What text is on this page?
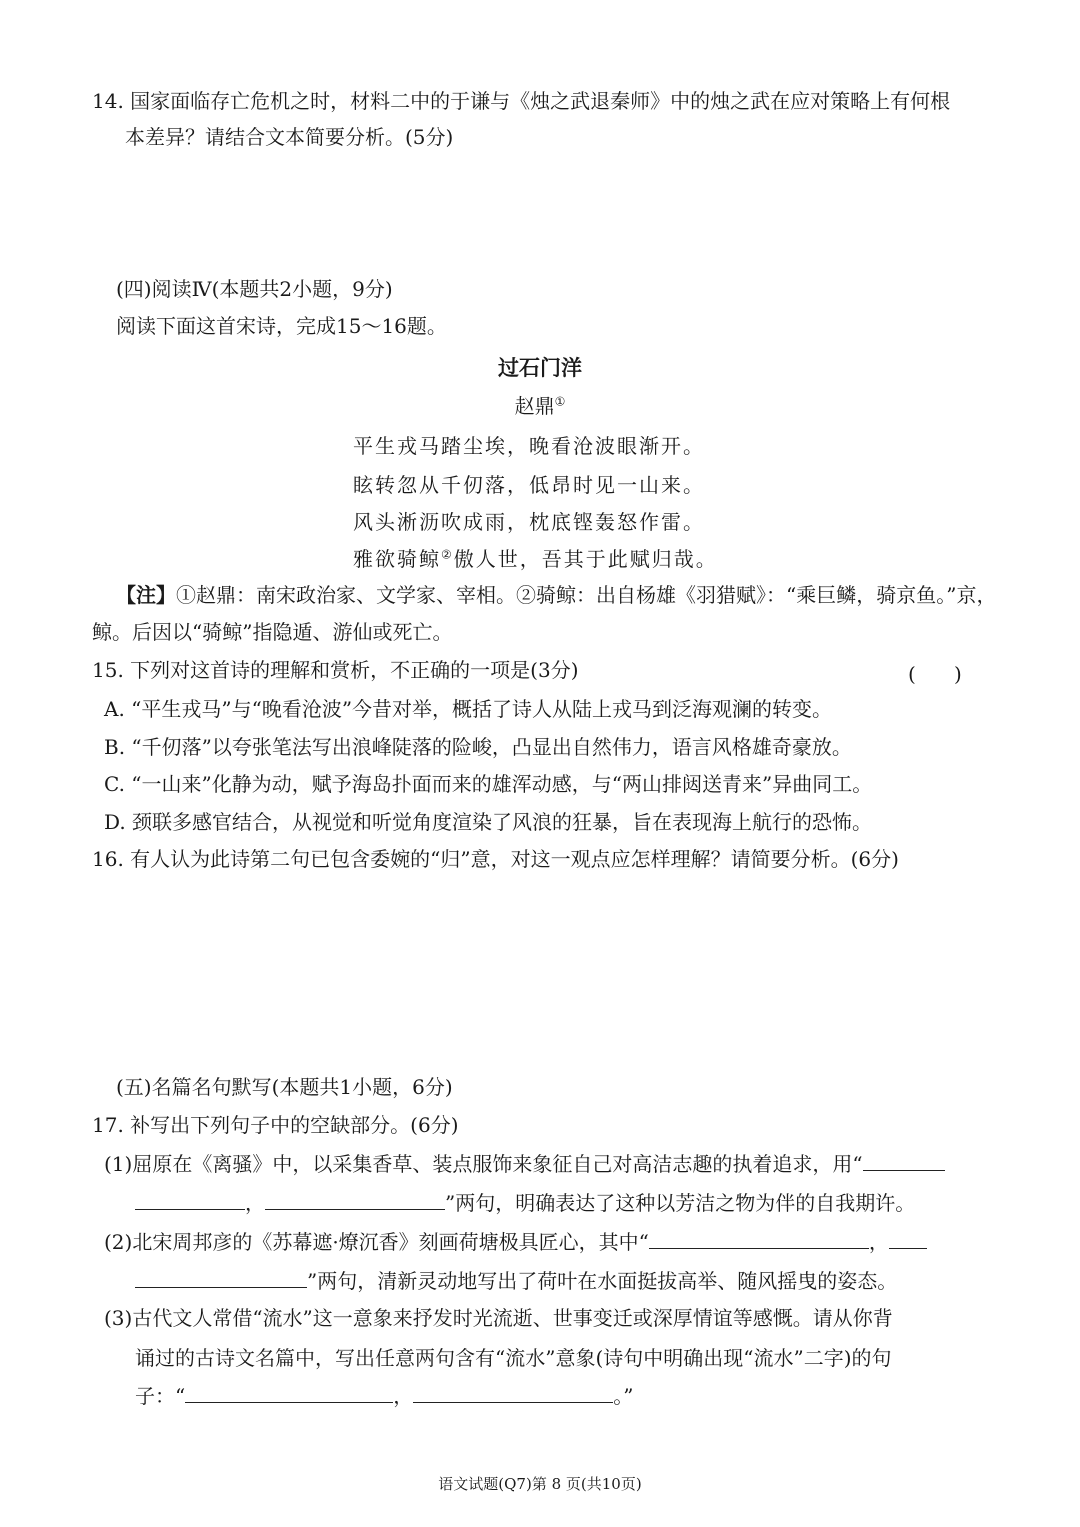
14. 国家面临存亡危机之时，材料二中的于谦与《烛之武退秦师》中的烛之武在应对策略上有何根
本差异？请结合文本简要分析。(5分)
(四)阅读Ⅳ(本题共2小题，9分)
阅读下面这首宋诗，完成15～16题。
过石门洋
赵鼎①
平生戎马踏尘埃，晚看沧波眼渐开。
眩转忽从千仞落，低昂时见一山来。
风头淅沥吹成雨，枕底铿轰怒作雷。
雅欲骑鲸②傲人世，吾其于此赋归哉。
【注】①赵鼎：南宋政治家、文学家、宰相。②骑鲸：出自杨雄《羽猎赋》：“乘巨鳞，骑京鱼。”京，
鲸。后因以“骑鲸”指隐遁、游仙或死亡。
15. 下列对这首诗的理解和赏析，不正确的一项是(3分)	(      )
A. “平生戎马”与“晚看沧波”今昔对举，概括了诗人从陆上戎马到泛海观澜的转变。
B. “千仞落”以夸张笔法写出浪峰陡落的险峻，凸显出自然伟力，语言风格雄奇豪放。
C. “一山来”化静为动，赋予海岛扑面而来的雄浑动感，与“两山排闼送青来”异曲同工。
D. 颈联多感官结合，从视觉和听觉角度渲染了风浪的狂暴，旨在表现海上航行的恐怖。
16. 有人认为此诗第二句已包含委婉的“归”意，对这一观点应怎样理解？请简要分析。(6分)
(五)名篇名句默写(本题共1小题，6分)
17. 补写出下列句子中的空缺部分。(6分)
(1)屈原在《离骚》中，以采集香草、装点服饰来象征自己对高洁志趣的执着追求，用“
，	”两句，明确表达了这种以芳洁之物为伴的自我期许。
(2)北宋周邦彦的《苏幕遮·燎沉香》刻画荷塘极具匠心，其中“	，
”两句，清新灵动地写出了荷叶在水面挺拔高举、随风摇曳的姿态。
(3)古代文人常借“流水”这一意象来抒发时光流逝、世事变迁或深厚情谊等感慨。请从你背
诵过的古诗文名篇中，写出任意两句含有“流水”意象(诗句中明确出现“流水”二字)的句
子：“	，	。”
语文试题(Q7)第 8 页(共10页)
